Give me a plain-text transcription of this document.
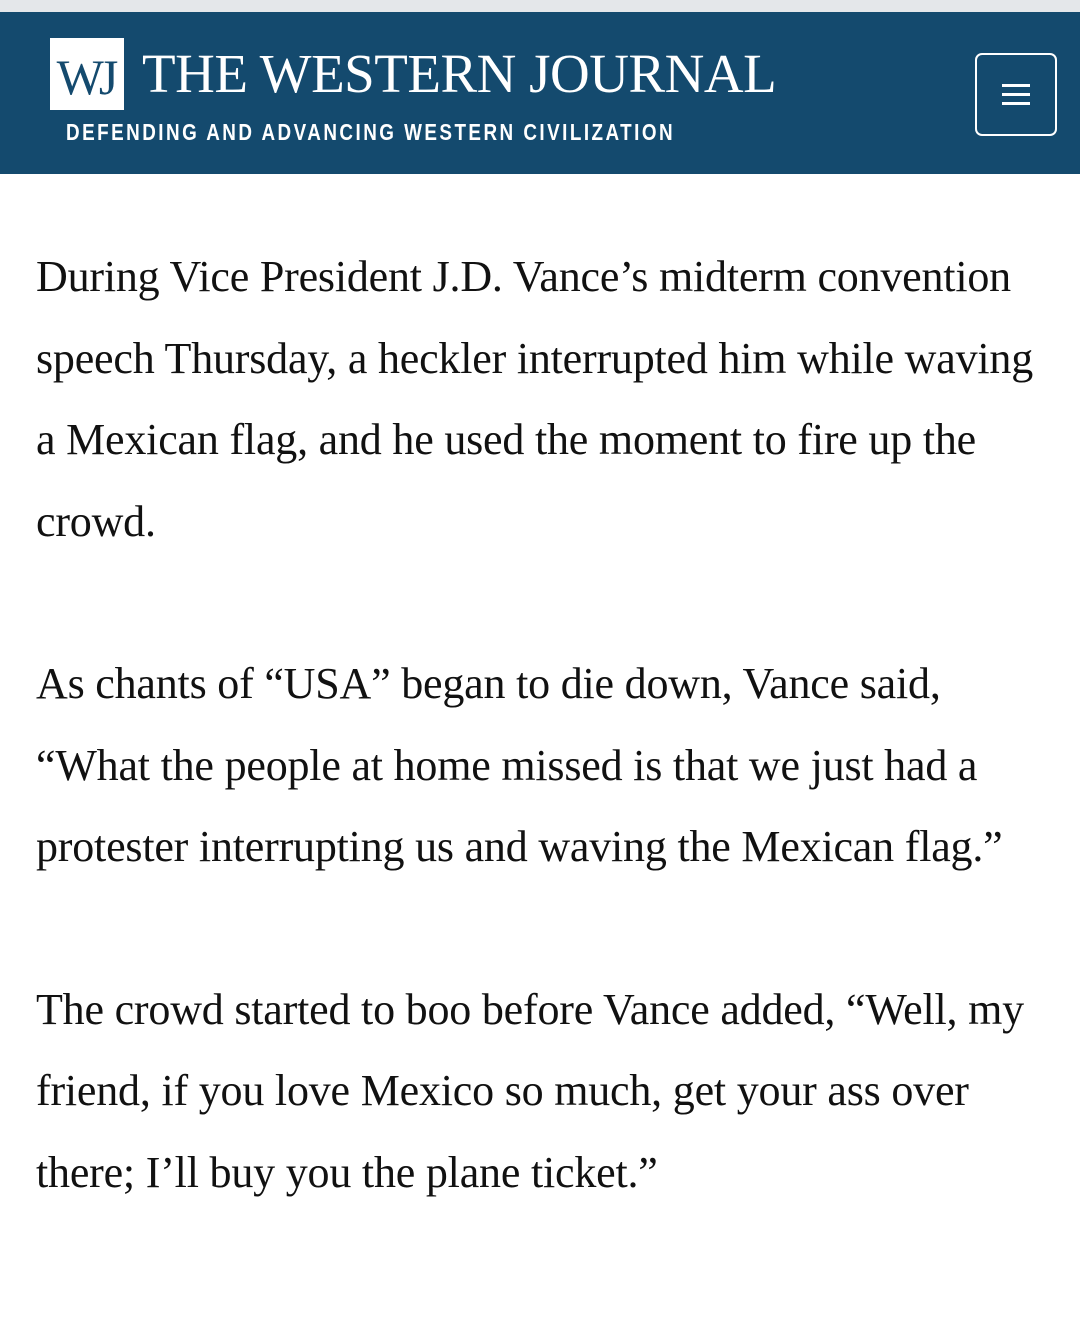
WJ THE WESTERN JOURNAL
DEFENDING AND ADVANCING WESTERN CIVILIZATION

During Vice President J.D. Vance’s midterm convention speech Thursday, a heckler interrupted him while waving a Mexican flag, and he used the moment to fire up the crowd.

As chants of “USA” began to die down, Vance said, “What the people at home missed is that we just had a protester interrupting us and waving the Mexican flag.”

The crowd started to boo before Vance added, “Well, my friend, if you love Mexico so much, get your ass over there; I’ll buy you the plane ticket.”
